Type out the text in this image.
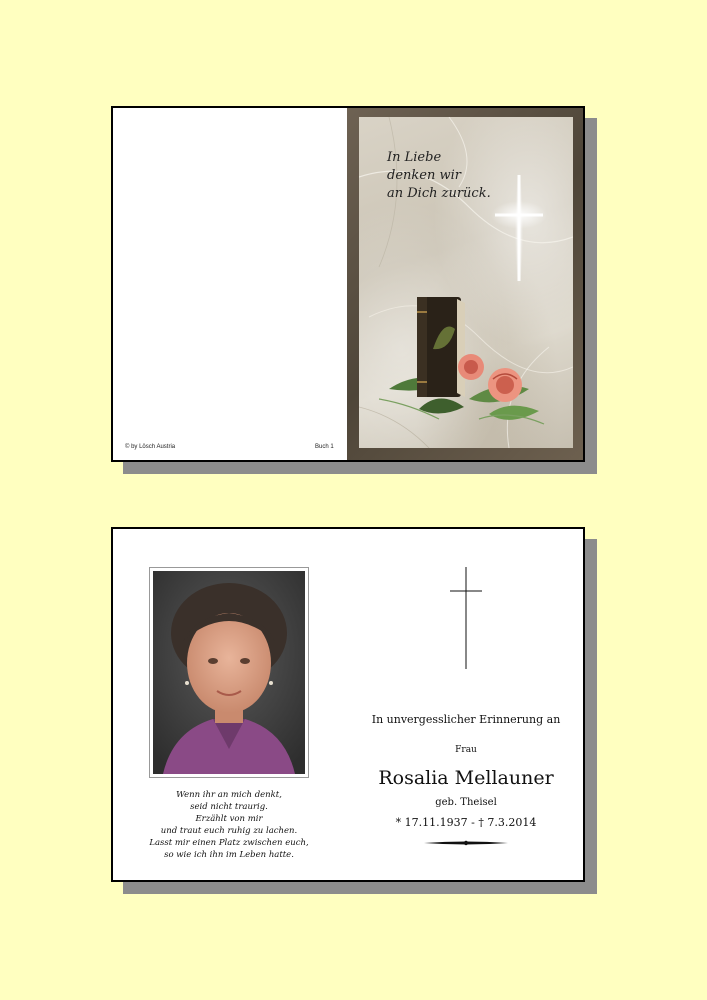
© by Lösch Austria	Buch 1
In Liebe
denken wir
an Dich zurück.
Wenn ihr an mich denkt,
seid nicht traurig.
Erzählt von mir
und traut euch ruhig zu lachen.
Lasst mir einen Platz zwischen euch,
so wie ich ihn im Leben hatte.
In unvergesslicher Erinnerung an
Frau
Rosalia Mellauner
geb. Theisel
* 17.11.1937 - † 7.3.2014
